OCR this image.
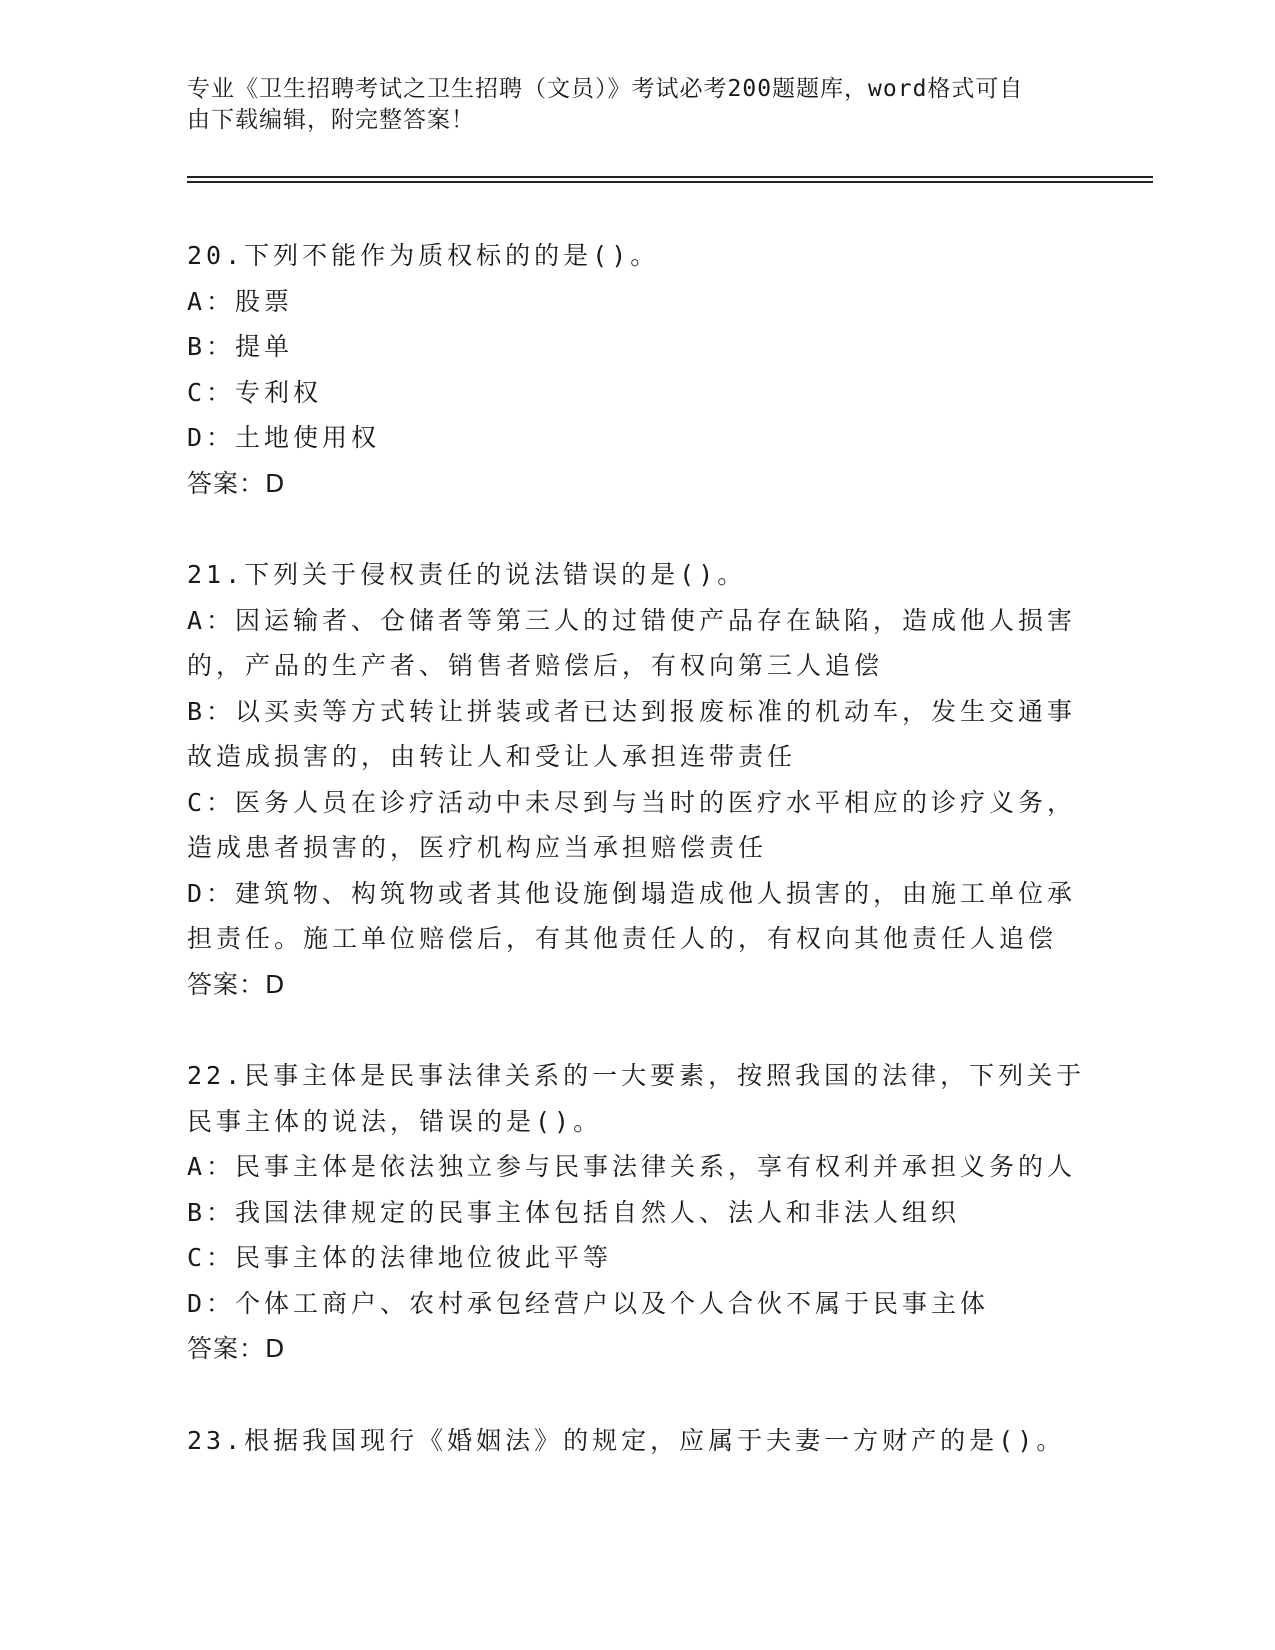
专业《卫生招聘考试之卫生招聘（文员）》考试必考200题题库，word格式可自
由下载编辑，附完整答案！
20.下列不能作为质权标的的是()。
A：股票
B：提单
C：专利权
D：土地使用权
答案：D
21.下列关于侵权责任的说法错误的是()。
A：因运输者、仓储者等第三人的过错使产品存在缺陷，造成他人损害
的，产品的生产者、销售者赔偿后，有权向第三人追偿
B：以买卖等方式转让拼装或者已达到报废标准的机动车，发生交通事
故造成损害的，由转让人和受让人承担连带责任
C：医务人员在诊疗活动中未尽到与当时的医疗水平相应的诊疗义务，
造成患者损害的，医疗机构应当承担赔偿责任
D：建筑物、构筑物或者其他设施倒塌造成他人损害的，由施工单位承
担责任。施工单位赔偿后，有其他责任人的，有权向其他责任人追偿
答案：D
22.民事主体是民事法律关系的一大要素，按照我国的法律，下列关于
民事主体的说法，错误的是()。
A：民事主体是依法独立参与民事法律关系，享有权利并承担义务的人
B：我国法律规定的民事主体包括自然人、法人和非法人组织
C：民事主体的法律地位彼此平等
D：个体工商户、农村承包经营户以及个人合伙不属于民事主体
答案：D
23.根据我国现行《婚姻法》的规定，应属于夫妻一方财产的是()。
